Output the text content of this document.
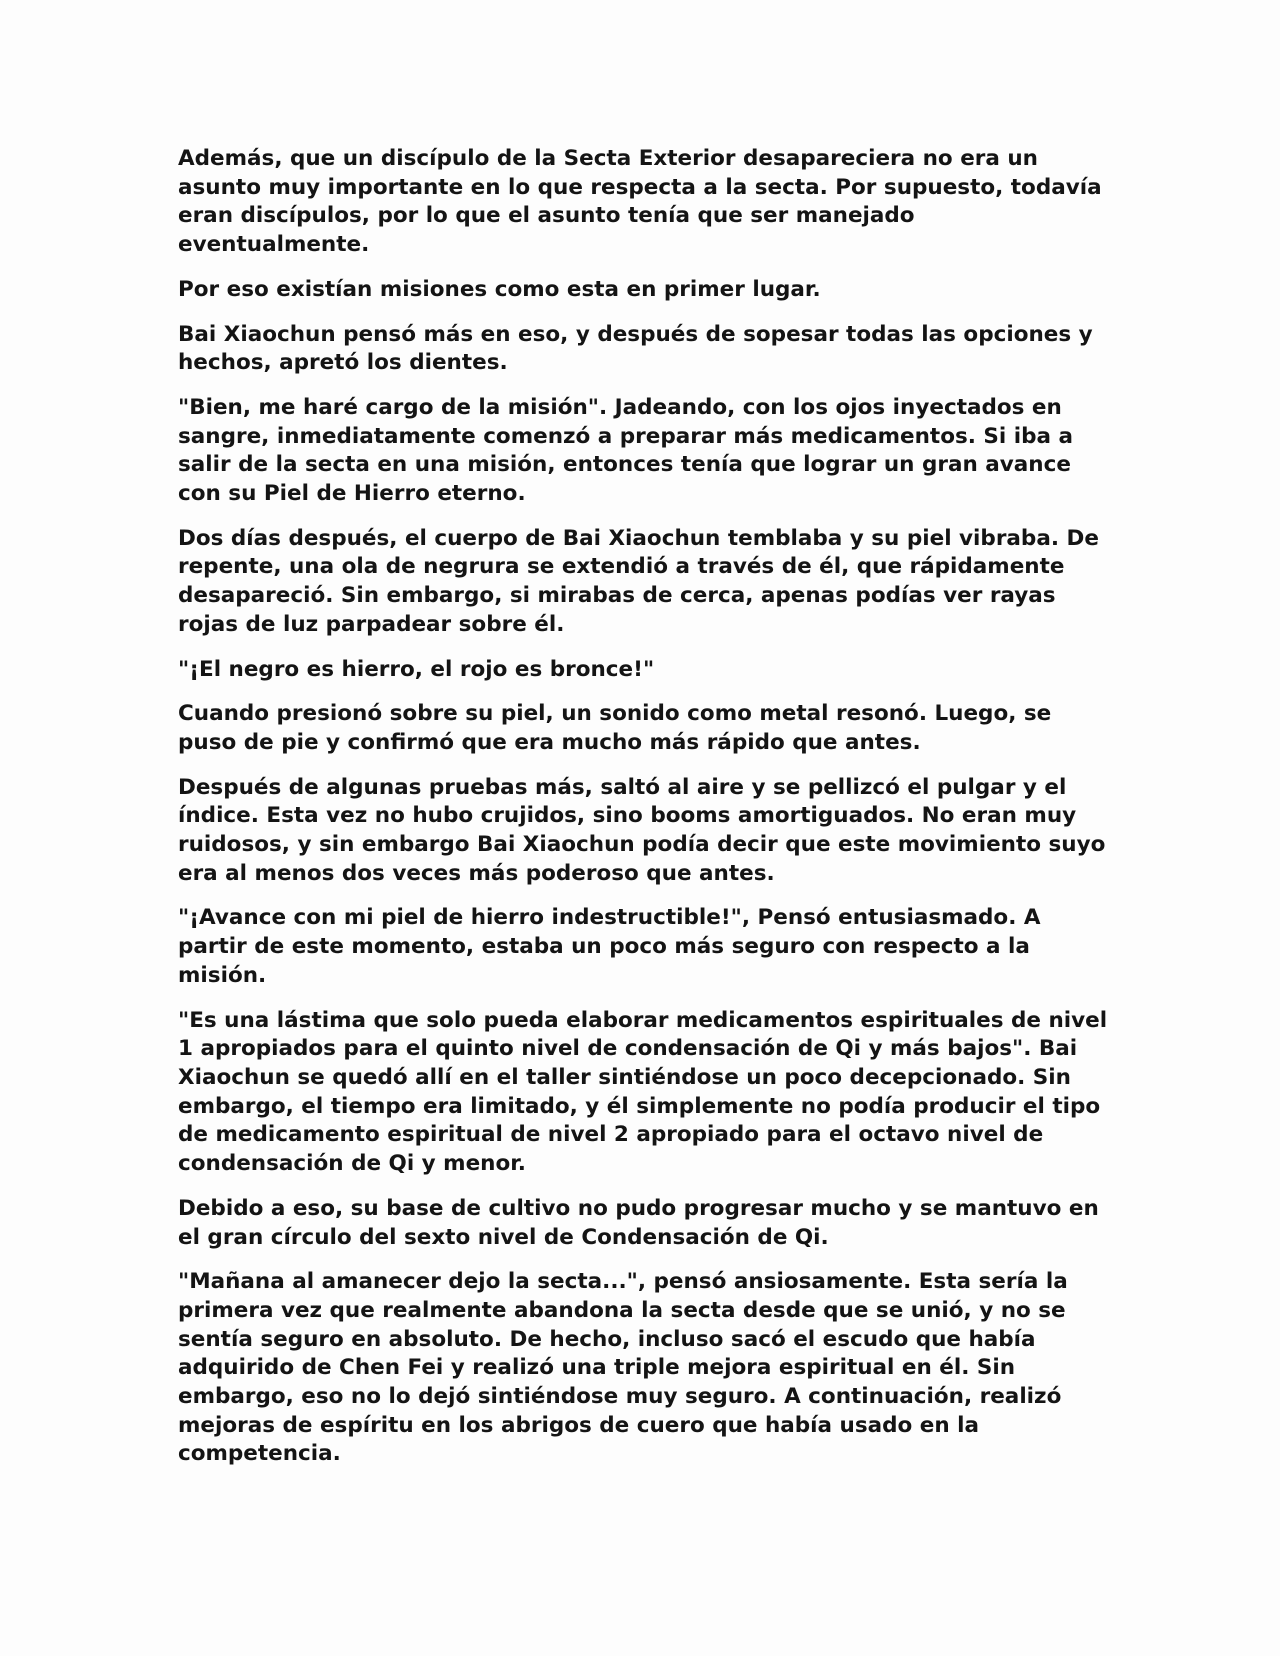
Además, que un discípulo de la Secta Exterior desapareciera no era un asunto muy importante en lo que respecta a la secta. Por supuesto, todavía eran discípulos, por lo que el asunto tenía que ser manejado eventualmente.

Por eso existían misiones como esta en primer lugar.

Bai Xiaochun pensó más en eso, y después de sopesar todas las opciones y hechos, apretó los dientes.

"Bien, me haré cargo de la misión". Jadeando, con los ojos inyectados en sangre, inmediatamente comenzó a preparar más medicamentos. Si iba a salir de la secta en una misión, entonces tenía que lograr un gran avance con su Piel de Hierro eterno.

Dos días después, el cuerpo de Bai Xiaochun temblaba y su piel vibraba. De repente, una ola de negrura se extendió a través de él, que rápidamente desapareció. Sin embargo, si mirabas de cerca, apenas podías ver rayas rojas de luz parpadear sobre él.

"¡El negro es hierro, el rojo es bronce!"

Cuando presionó sobre su piel, un sonido como metal resonó. Luego, se puso de pie y confirmó que era mucho más rápido que antes.

Después de algunas pruebas más, saltó al aire y se pellizcó el pulgar y el índice. Esta vez no hubo crujidos, sino booms amortiguados. No eran muy ruidosos, y sin embargo Bai Xiaochun podía decir que este movimiento suyo era al menos dos veces más poderoso que antes.

"¡Avance con mi piel de hierro indestructible!", Pensó entusiasmado. A partir de este momento, estaba un poco más seguro con respecto a la misión.

"Es una lástima que solo pueda elaborar medicamentos espirituales de nivel 1 apropiados para el quinto nivel de condensación de Qi y más bajos". Bai Xiaochun se quedó allí en el taller sintiéndose un poco decepcionado. Sin embargo, el tiempo era limitado, y él simplemente no podía producir el tipo de medicamento espiritual de nivel 2 apropiado para el octavo nivel de condensación de Qi y menor.

Debido a eso, su base de cultivo no pudo progresar mucho y se mantuvo en el gran círculo del sexto nivel de Condensación de Qi.

"Mañana al amanecer dejo la secta...", pensó ansiosamente. Esta sería la primera vez que realmente abandona la secta desde que se unió, y no se sentía seguro en absoluto. De hecho, incluso sacó el escudo que había adquirido de Chen Fei y realizó una triple mejora espiritual en él. Sin embargo, eso no lo dejó sintiéndose muy seguro. A continuación, realizó mejoras de espíritu en los abrigos de cuero que había usado en la competencia.
